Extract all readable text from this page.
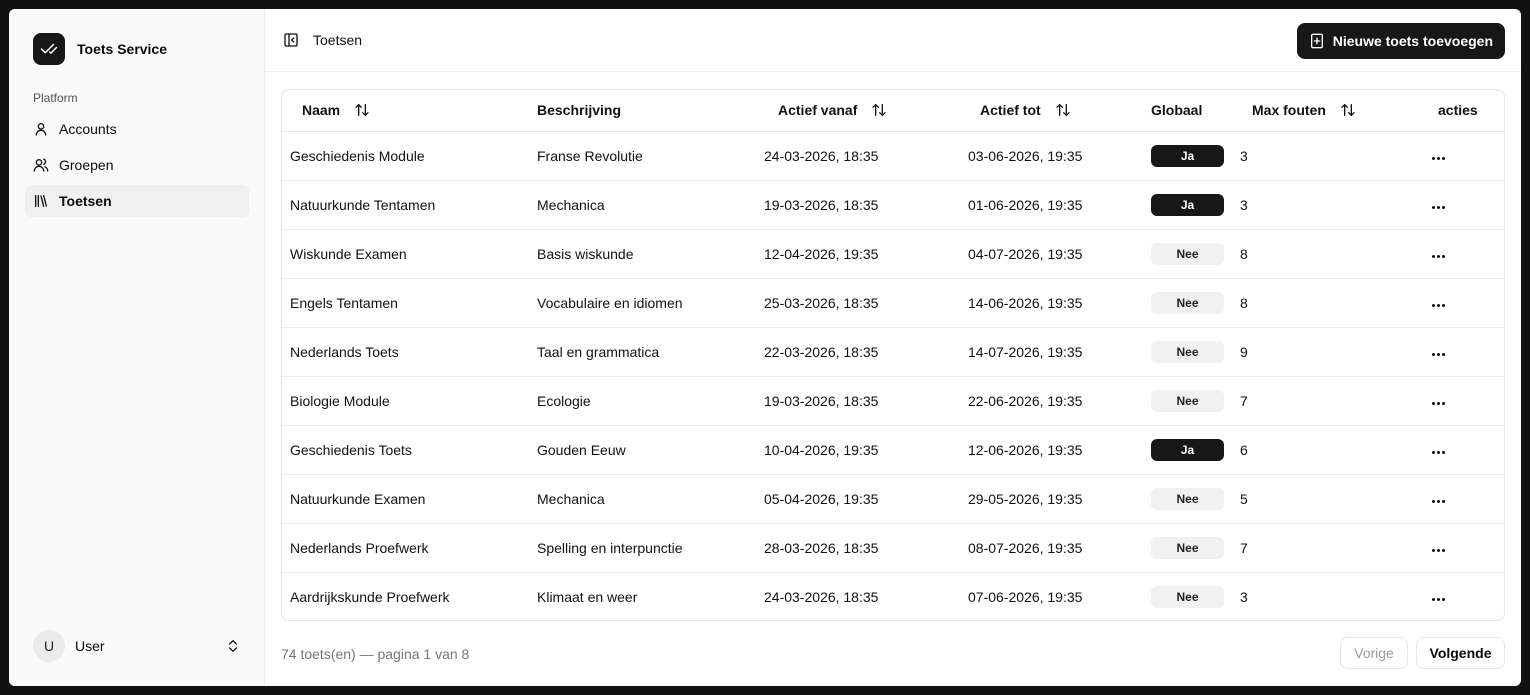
Toets Service
Platform
Accounts
Groepen
Toetsen
U	User
Toetsen	Nieuwe toets toevoegen
Naam	Beschrijving	Actief vanaf	Actief tot	Globaal	Max fouten	acties
Geschiedenis Module	Franse Revolutie	24-03-2026, 18:35	03-06-2026, 19:35	Ja	3	

Natuurkunde Tentamen	Mechanica	19-03-2026, 18:35	01-06-2026, 19:35	Ja	3	

Wiskunde Examen	Basis wiskunde	12-04-2026, 19:35	04-07-2026, 19:35	Nee	8	

Engels Tentamen	Vocabulaire en idiomen	25-03-2026, 18:35	14-06-2026, 19:35	Nee	8	

Nederlands Toets	Taal en grammatica	22-03-2026, 18:35	14-07-2026, 19:35	Nee	9	

Biologie Module	Ecologie	19-03-2026, 18:35	22-06-2026, 19:35	Nee	7	

Geschiedenis Toets	Gouden Eeuw	10-04-2026, 19:35	12-06-2026, 19:35	Ja	6	

Natuurkunde Examen	Mechanica	05-04-2026, 19:35	29-05-2026, 19:35	Nee	5	

Nederlands Proefwerk	Spelling en interpunctie	28-03-2026, 18:35	08-07-2026, 19:35	Nee	7	

Aardrijkskunde Proefwerk	Klimaat en weer	24-03-2026, 18:35	07-06-2026, 19:35	Nee	3	
74 toets(en) — pagina 1 van 8	Vorige	Volgende
